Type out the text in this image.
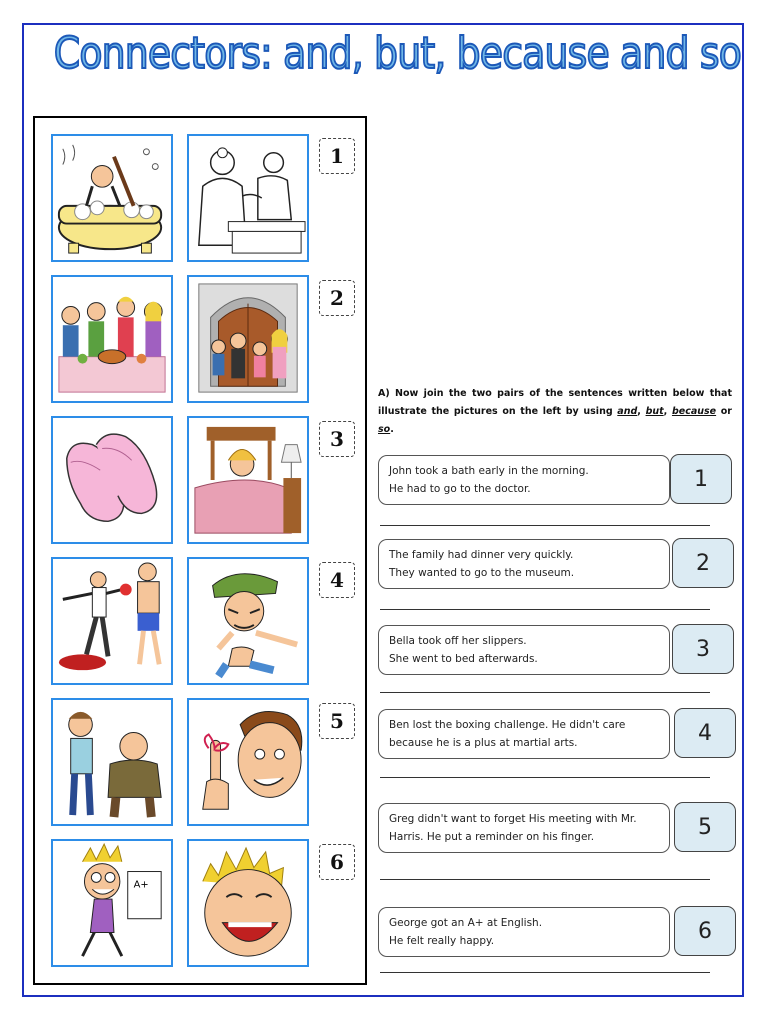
Connectors: and, but, because and so
1
2
3
4
5
A+
6
A) Now join the two pairs of the sentences written below that illustrate the pictures on the left by using and, but, because or so.
John took a bath early in the morning.
He had to go to the doctor.	1
The family had dinner very quickly.
They wanted to go to the museum.	2
Bella took off her slippers.
She went to bed afterwards.	3
Ben lost the boxing challenge. He didn't care
because he is a plus at martial arts.	4
Greg didn't want to forget His meeting with Mr.
Harris. He put a reminder on his finger.	5
George got an A+ at English.
He felt really happy.	6
